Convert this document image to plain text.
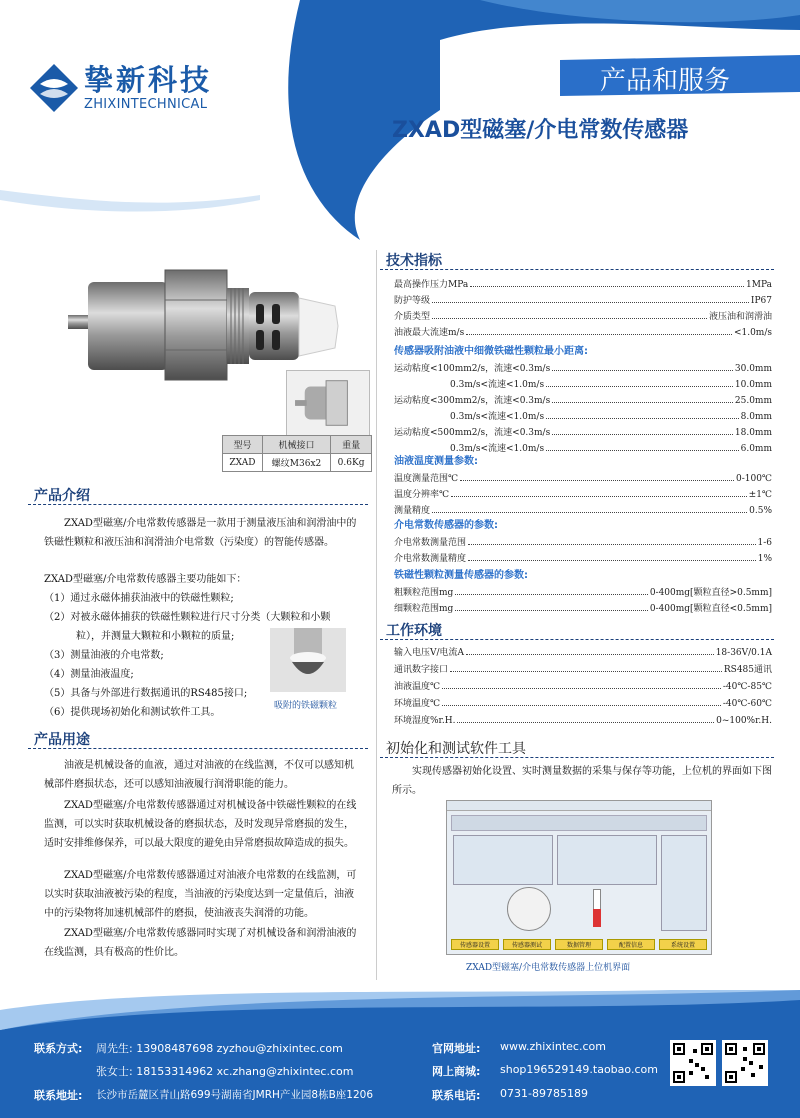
挚新科技
ZHIXINTECHNICAL
产品和服务
ZXAD型磁塞/介电常数传感器
型号	机械接口	重量
ZXAD	螺纹M36x2	0.6Kg
产品介绍
ZXAD型磁塞/介电常数传感器是一款用于测量液压油和润滑油中的铁磁性颗粒和液压油和润滑油介电常数（污染度）的智能传感器。
ZXAD型磁塞/介电常数传感器主要功能如下：
（1）通过永磁体捕获油液中的铁磁性颗粒;
（2）对被永磁体捕获的铁磁性颗粒进行尺寸分类（大颗粒和小颗
粒），并测量大颗粒和小颗粒的质量;
（3）测量油液的介电常数;
（4）测量油液温度;
（5）具备与外部进行数据通讯的RS485接口;
（6）提供现场初始化和测试软件工具。
吸附的铁磁颗粒
产品用途
油液是机械设备的血液，通过对油液的在线监测，不仅可以感知机械部件磨损状态，还可以感知油液履行润滑职能的能力。
ZXAD型磁塞/介电常数传感器通过对机械设备中铁磁性颗粒的在线监测，可以实时获取机械设备的磨损状态，及时发现异常磨损的发生，适时安排维修保养，可以最大限度的避免由异常磨损故障造成的损失。
ZXAD型磁塞/介电常数传感器通过对油液介电常数的在线监测，可以实时获取油液被污染的程度，当油液的污染度达到一定量值后，油液中的污染物将加速机械部件的磨损，使油液丧失润滑的功能。
ZXAD型磁塞/介电常数传感器同时实现了对机械设备和润滑油液的在线监测，具有极高的性价比。
技术指标
最高操作压力MPa	1MPa
防护等级	IP67
介质类型	液压油和润滑油
油液最大流速m/s	<1.0m/s
传感器吸附油液中细微铁磁性颗粒最小距离:
运动粘度<100mm2/s，流速<0.3m/s	30.0mm
0.3m/s<流速<1.0m/s	10.0mm
运动粘度<300mm2/s，流速<0.3m/s	25.0mm
0.3m/s<流速<1.0m/s	8.0mm
运动粘度<500mm2/s，流速<0.3m/s	18.0mm
0.3m/s<流速<1.0m/s	6.0mm
油液温度测量参数:
温度测量范围℃	0-100℃
温度分辨率℃	±1℃
测量精度	0.5%
介电常数传感器的参数:
介电常数测量范围	1-6
介电常数测量精度	1%
铁磁性颗粒测量传感器的参数:
粗颗粒范围mg	0-400mg[颗粒直径>0.5mm]
细颗粒范围mg	0-400mg[颗粒直径<0.5mm]
工作环境
输入电压V/电流A	18-36V/0.1A
通讯数字接口	RS485通讯
油液温度℃	-40℃-85℃
环境温度℃	-40℃-60℃
环境湿度%r.H.	0~100%r.H.
初始化和测试软件工具
实现传感器初始化设置、实时测量数据的采集与保存等功能，上位机的界面如下图所示。
传感器设置	传感器测试	数据管理	配置信息	系统设置
ZXAD型磁塞/介电常数传感器上位机界面
联系方式: 周先生: 13908487698 zyzhou@zhixintec.com
张女士: 18153314962 xc.zhang@zhixintec.com
联系地址: 长沙市岳麓区青山路699号湖南省JMRH产业园8栋B座1206
官网地址: www.zhixintec.com
网上商城: shop196529149.taobao.com
联系电话: 0731-89785189
